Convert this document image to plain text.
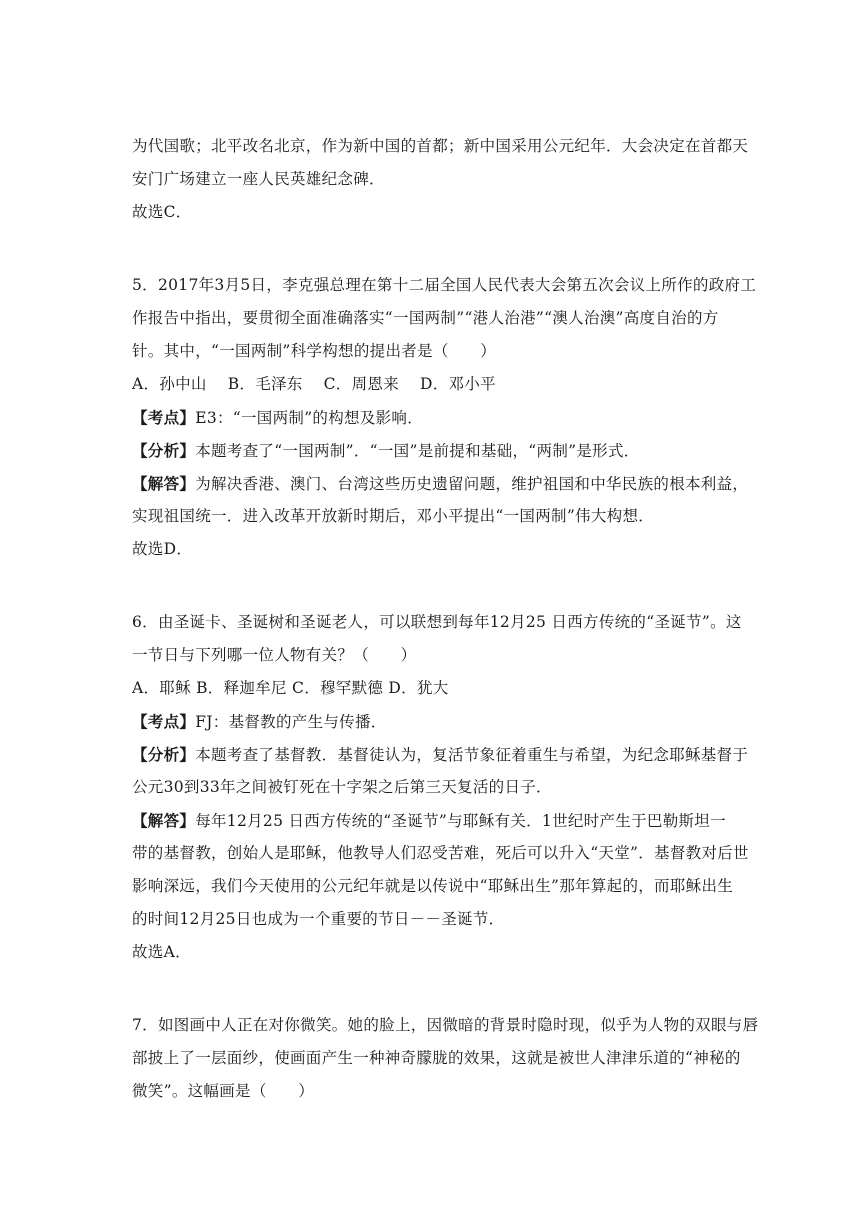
为代国歌；北平改名北京，作为新中国的首都；新中国采用公元纪年．大会决定在首都天
安门广场建立一座人民英雄纪念碑．
故选C．
5．2017年3月5日，李克强总理在第十二届全国人民代表大会第五次会议上所作的政府工
作报告中指出，要贯彻全面准确落实“一国两制”“港人治港”“澳人治澳”高度自治的方
针。其中，“一国两制”科学构想的提出者是（　　）
A．孙中山　 B．毛泽东　 C．周恩来　 D．邓小平
【考点】E3：“一国两制”的构想及影响．
【分析】本题考查了“一国两制”．“一国”是前提和基础，“两制”是形式．
【解答】为解决香港、澳门、台湾这些历史遗留问题，维护祖国和中华民族的根本利益，
实现祖国统一．进入改革开放新时期后，邓小平提出“一国两制”伟大构想．
故选D．
6．由圣诞卡、圣诞树和圣诞老人，可以联想到每年12月25 日西方传统的“圣诞节”。这
一节日与下列哪一位人物有关？（　　）
A．耶稣 B．释迦牟尼 C．穆罕默德 D．犹大
【考点】FJ：基督教的产生与传播．
【分析】本题考查了基督教．基督徒认为，复活节象征着重生与希望，为纪念耶稣基督于
公元30到33年之间被钉死在十字架之后第三天复活的日子．
【解答】每年12月25 日西方传统的“圣诞节”与耶稣有关．1世纪时产生于巴勒斯坦一
带的基督教，创始人是耶稣，他教导人们忍受苦难，死后可以升入“天堂”．基督教对后世
影响深远，我们今天使用的公元纪年就是以传说中“耶稣出生”那年算起的，而耶稣出生
的时间12月25日也成为一个重要的节日－－圣诞节．
故选A．
7．如图画中人正在对你微笑。她的脸上，因微暗的背景时隐时现，似乎为人物的双眼与唇
部披上了一层面纱，使画面产生一种神奇朦胧的效果，这就是被世人津津乐道的“神秘的
微笑”。这幅画是（　　）
